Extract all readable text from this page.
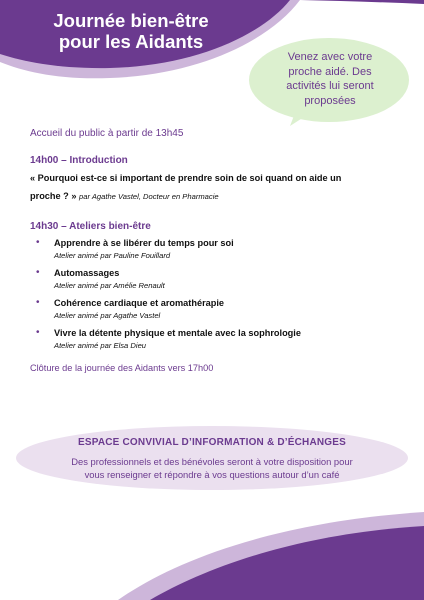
Journée bien-être
pour les Aidants
Venez avec votre
proche aidé. Des
activités lui seront
proposées

Accueil du public à partir de 13h45

14h00 – Introduction

« Pourquoi est-ce si important de prendre soin de soi quand on aide un
proche ? » par Agathe Vastel, Docteur en Pharmacie

14h30 – Ateliers bien-être

• Apprendre à se libérer du temps pour soi
Atelier animé par Pauline Fouillard
• Automassages
Atelier animé par Amélie Renault
• Cohérence cardiaque et aromathérapie
Atelier animé par Agathe Vastel
• Vivre la détente physique et mentale avec la sophrologie
Atelier animé par Elsa Dieu

Clôture de la journée des Aidants vers 17h00

ESPACE CONVIVIAL D’INFORMATION & D’ÉCHANGES
Des professionnels et des bénévoles seront à votre disposition pour
vous renseigner et répondre à vos questions autour d’un café
